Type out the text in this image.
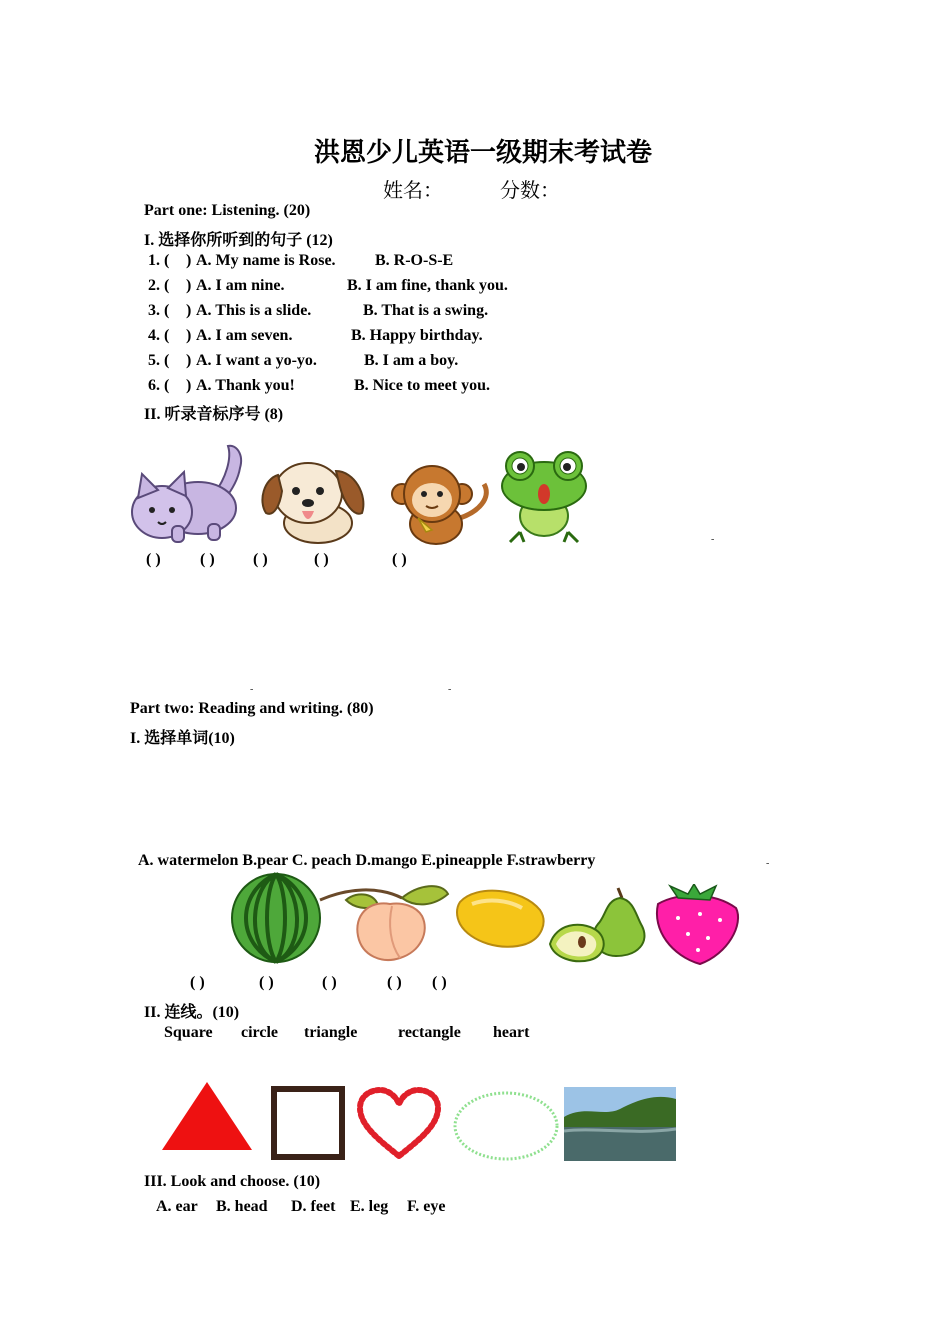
洪恩少儿英语一级期末考试卷
姓名：	分数：
Part one: Listening. (20)
I. 选择你所听到的句子 (12)
1. ( ) A. My name is Rose. B. R-O-S-E
2. ( ) A. I am nine.	B. I am fine, thank you.
3. ( ) A. This is a slide.	B. That is a swing.
4. ( ) A. I am seven.	B. Happy birthday.
5. ( ) A. I want a yo-yo.	B. I am a boy.
6. ( ) A. Thank you!	B. Nice to meet you.
II. 听录音标序号 (8)
-
( ) ( ) ( )	( )	( )
-	-
Part two: Reading and writing. (80)
I. 选择单词(10)
A. watermelon B.pear C. peach D.mango E.pineapple F.strawberry	-
( )	( )	( )	( ) ( )
II. 连线。(10)
Square circle triangle	rectangle heart
III. Look and choose. (10)
A. ear B. head D. feet E. leg F. eye
